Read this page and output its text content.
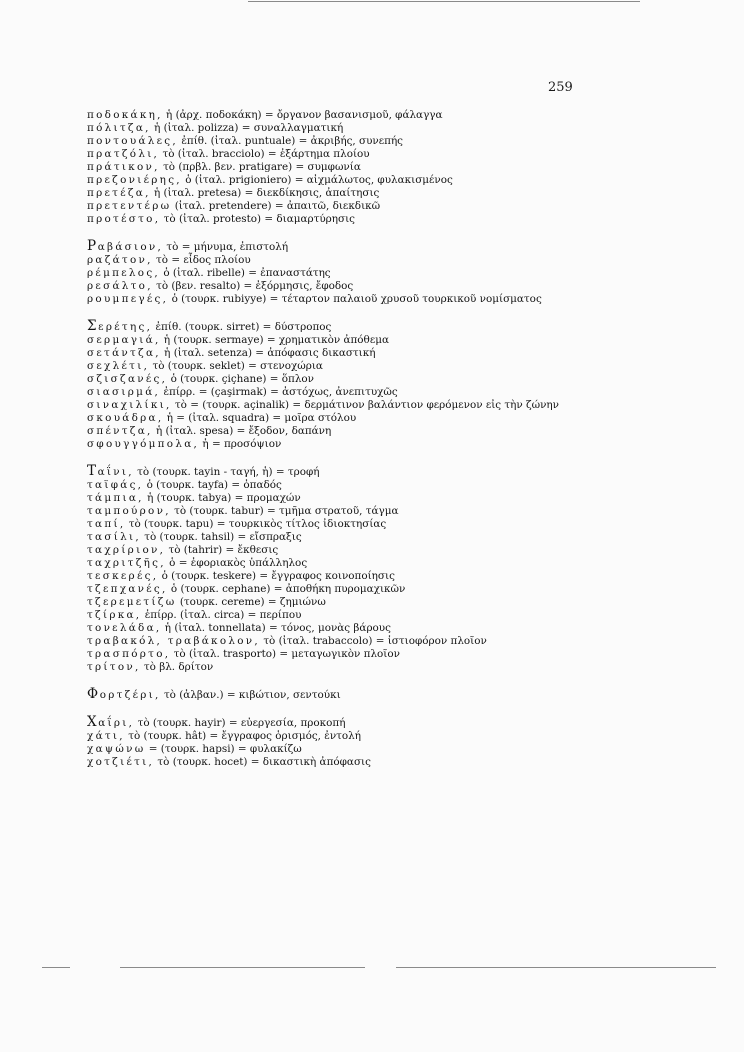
259
ποδοκάκη, ἡ (ἀρχ. ποδοκάκη) = ὄργανον βασανισμοῦ, φάλαγγα
πόλιτζα, ἡ (ἰταλ. polizza) = συναλλαγματική
ποντουάλες, ἐπίθ. (ἰταλ. puntuale) = ἀκριβής, συνεπής
πρατζόλι, τὸ (ἰταλ. bracciolo) = ἐξάρτημα πλοίου
πράτικον, τὸ (πρβλ. βεν. pratigare) = συμφωνία
πρεζονιέρης, ὁ (ἰταλ. prigioniero) = αἰχμάλωτος, φυλακισμένος
πρετέζα, ἡ (ἰταλ. pretesa) = διεκδίκησις, ἀπαίτησις
πρετεντέρω (ἰταλ. pretendere) = ἀπαιτῶ, διεκδικῶ
προτέστο, τὸ (ἰταλ. protesto) = διαμαρτύρησις
Ραβάσιον, τὸ = μήνυμα, ἐπιστολή
ραζάτον, τὸ = εἶδος πλοίου
ρέμπελος, ὁ (ἰταλ. ribelle) = ἐπαναστάτης
ρεσάλτο, τὸ (βεν. resalto) = ἐξόρμησις, ἔφοδος
ρουμπεγές, ὁ (τουρκ. rubiyye) = τέταρτον παλαιοῦ χρυσοῦ τουρκικοῦ νομίσματος
Σερέτης, ἐπίθ. (τουρκ. sirret) = δύστροπος
σερμαγιά, ἡ (τουρκ. sermaye) = χρηματικὸν ἀπόθεμα
σετάντζα, ἡ (ἰταλ. setenza) = ἀπόφασις δικαστική
σεχλέτι, τὸ (τουρκ. seklet) = στενοχώρια
σζισζανές, ὁ (τουρκ. çiçhane) = ὅπλον
σιασιρμά, ἐπίρρ. = (çaşirmak) = ἀστόχως, ἀνεπιτυχῶς
σιναχιλίκι, τὸ = (τουρκ. açinalik) = δερμάτινον βαλάντιον φερόμενον εἰς τὴν ζώνην
σκουάδρα, ἡ = (ἰταλ. squadra) = μοῖρα στόλου
σπέντζα, ἡ (ἰταλ. spesa) = ἔξοδον, δαπάνη
σφουγγόμπολα, ἡ = προσόψιον
Ταΐνι, τὸ (τουρκ. tayin - ταγή, ἡ) = τροφή
ταϊφάς, ὁ (τουρκ. tayfa) = ὀπαδός
τάμπια, ἡ (τουρκ. tabya) = προμαχών
ταμπούρον, τὸ (τουρκ. tabur) = τμῆμα στρατοῦ, τάγμα
ταπί, τὸ (τουρκ. tapu) = τουρκικὸς τίτλος ἰδιοκτησίας
τασίλι, τὸ (τουρκ. tahsil) = εἴσπραξις
ταχρίριον, τὸ (tahrir) = ἔκθεσις
ταχριτζῆς, ὁ = ἐφοριακὸς ὑπάλληλος
τεσκερές, ὁ (τουρκ. teskere) = ἔγγραφος κοινοποίησις
τζεπχανές, ὁ (τουρκ. cephane) = ἀποθήκη πυρομαχικῶν
τζερεμετίζω (τουρκ. cereme) = ζημιώνω
τζίρκα, ἐπίρρ. (ἰταλ. circa) = περίπου
τονελάδα, ἡ (ἰταλ. tonnellata) = τόνος, μονὰς βάρους
τραβακόλ, τραβάκολον, τὸ (ἰταλ. trabaccolo) = ἱστιοφόρον πλοῖον
τρασπόρτο, τὸ (ἰταλ. trasporto) = μεταγωγικὸν πλοῖον
τρίτον, τὸ βλ. δρίτον
Φορτζέρι, τὸ (ἀλβαν.) = κιβώτιον, σεντούκι
Χαΐρι, τὸ (τουρκ. hayir) = εὐεργεσία, προκοπή
χάτι, τὸ (τουρκ. hât) = ἔγγραφος ὁρισμός, ἐντολή
χαψώνω = (τουρκ. hapsi) = φυλακίζω
χοτζιέτι, τὸ (τουρκ. hocet) = δικαστικὴ ἀπόφασις
